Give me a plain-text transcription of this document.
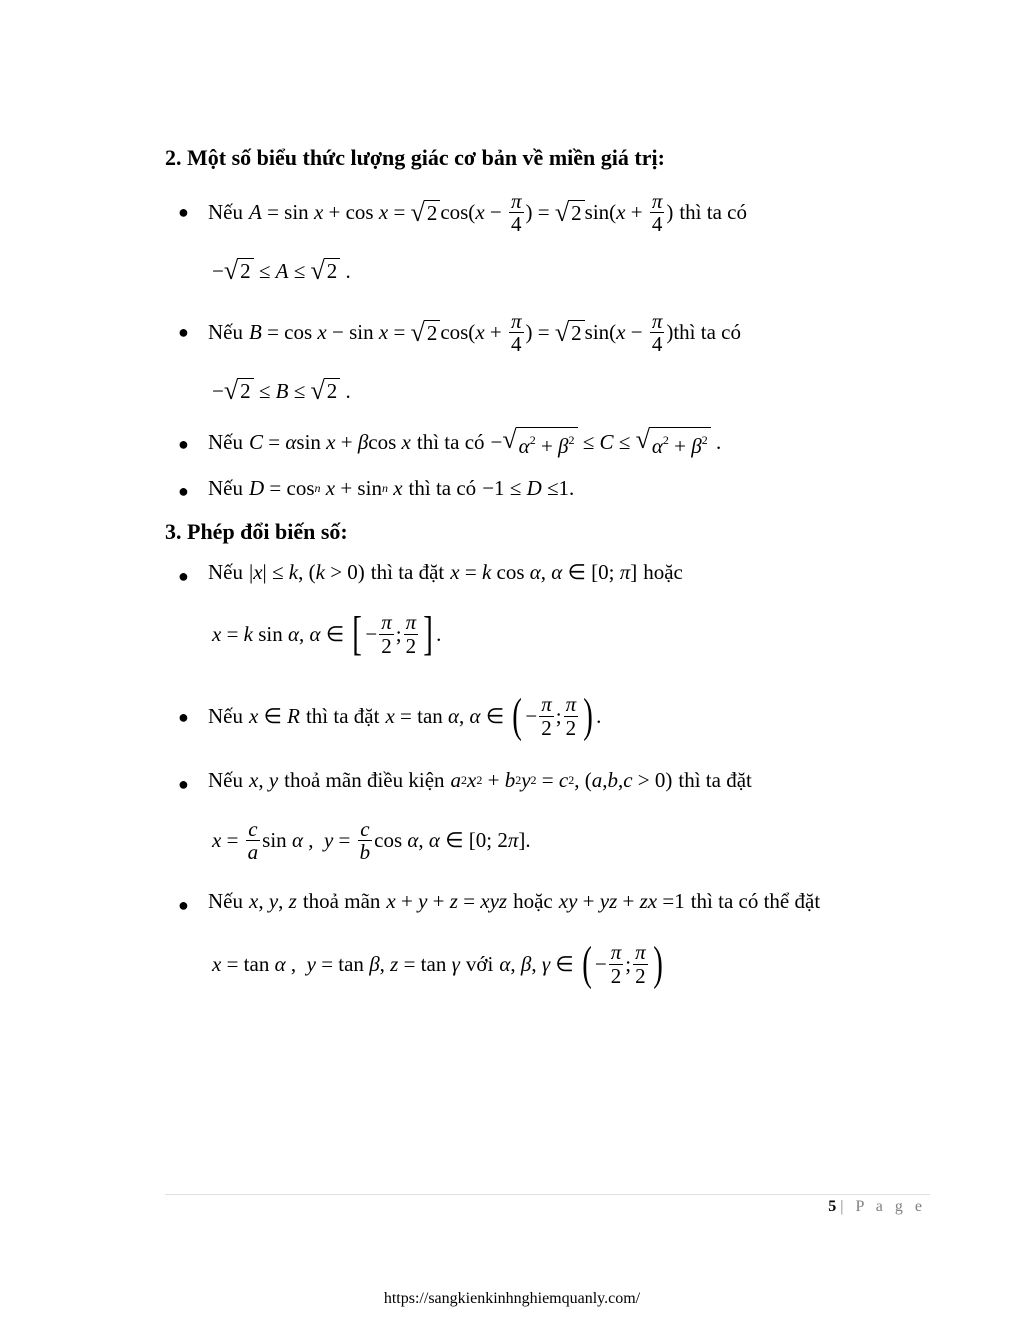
2. Một số biểu thức lượng giác cơ bản về miền giá trị:
● Nếu A = sin x + cos x = √ 2 cos( $x - \frac{\pi}{4}$ ) = √ 2 sin( $x + \frac{\pi}{4}$ ) thì ta có
− √ 2 ≤ A ≤ √ 2 .
● Nếu B = cos x − sin x = √ 2 cos( $x + \frac{\pi}{4}$ ) = √ 2 sin( $x - \frac{\pi}{4}$ ) thì ta có
− √ 2 ≤ B ≤ √ 2 .
● Nếu C = α sin x + β cos x thì ta có − √ $\alpha^2 + \beta^2 \le C$ ≤ √ $\alpha^2 + \beta^2$ .
● Nếu D = cos n
x + sin n
x thì ta có −1 ≤ D ≤1.
3. Phép đổi biến số:
● Nếu | x | ≤ k , ( k > 0) thì ta đặt x = k cos α , α ∈ [0; π ] hoặc
x = k sin α , α ∈ [ − $\frac{\pi}{2}$ ; $\frac{\pi}{2}$ ] .
● Nếu x ∈ R thì ta đặt x = tan α , α ∈ ( − $\frac{\pi}{2}$ ; $\frac{\pi}{2}$ ) .
● Nếu x , y thoả mãn điều kiện a 2 x 2 + b 2 y 2 = c 2 , ( a , b , c > 0) thì ta đặt
$x = \frac{c}{a}$ sin α , $y = \frac{c}{b}$ cos α , α ∈ [0; 2 π ].
● Nếu x , y , z thoả mãn x + y + z = xyz hoặc xy + yz + zx =1 thì ta có thể đặt
x = tan α , y = tan β , z = tan γ với α , β , γ ∈ ( − $\frac{\pi}{2}$ ; $\frac{\pi}{2}$ )
5 | P a g e
https://sangkienkinhnghiemquanly.com/
